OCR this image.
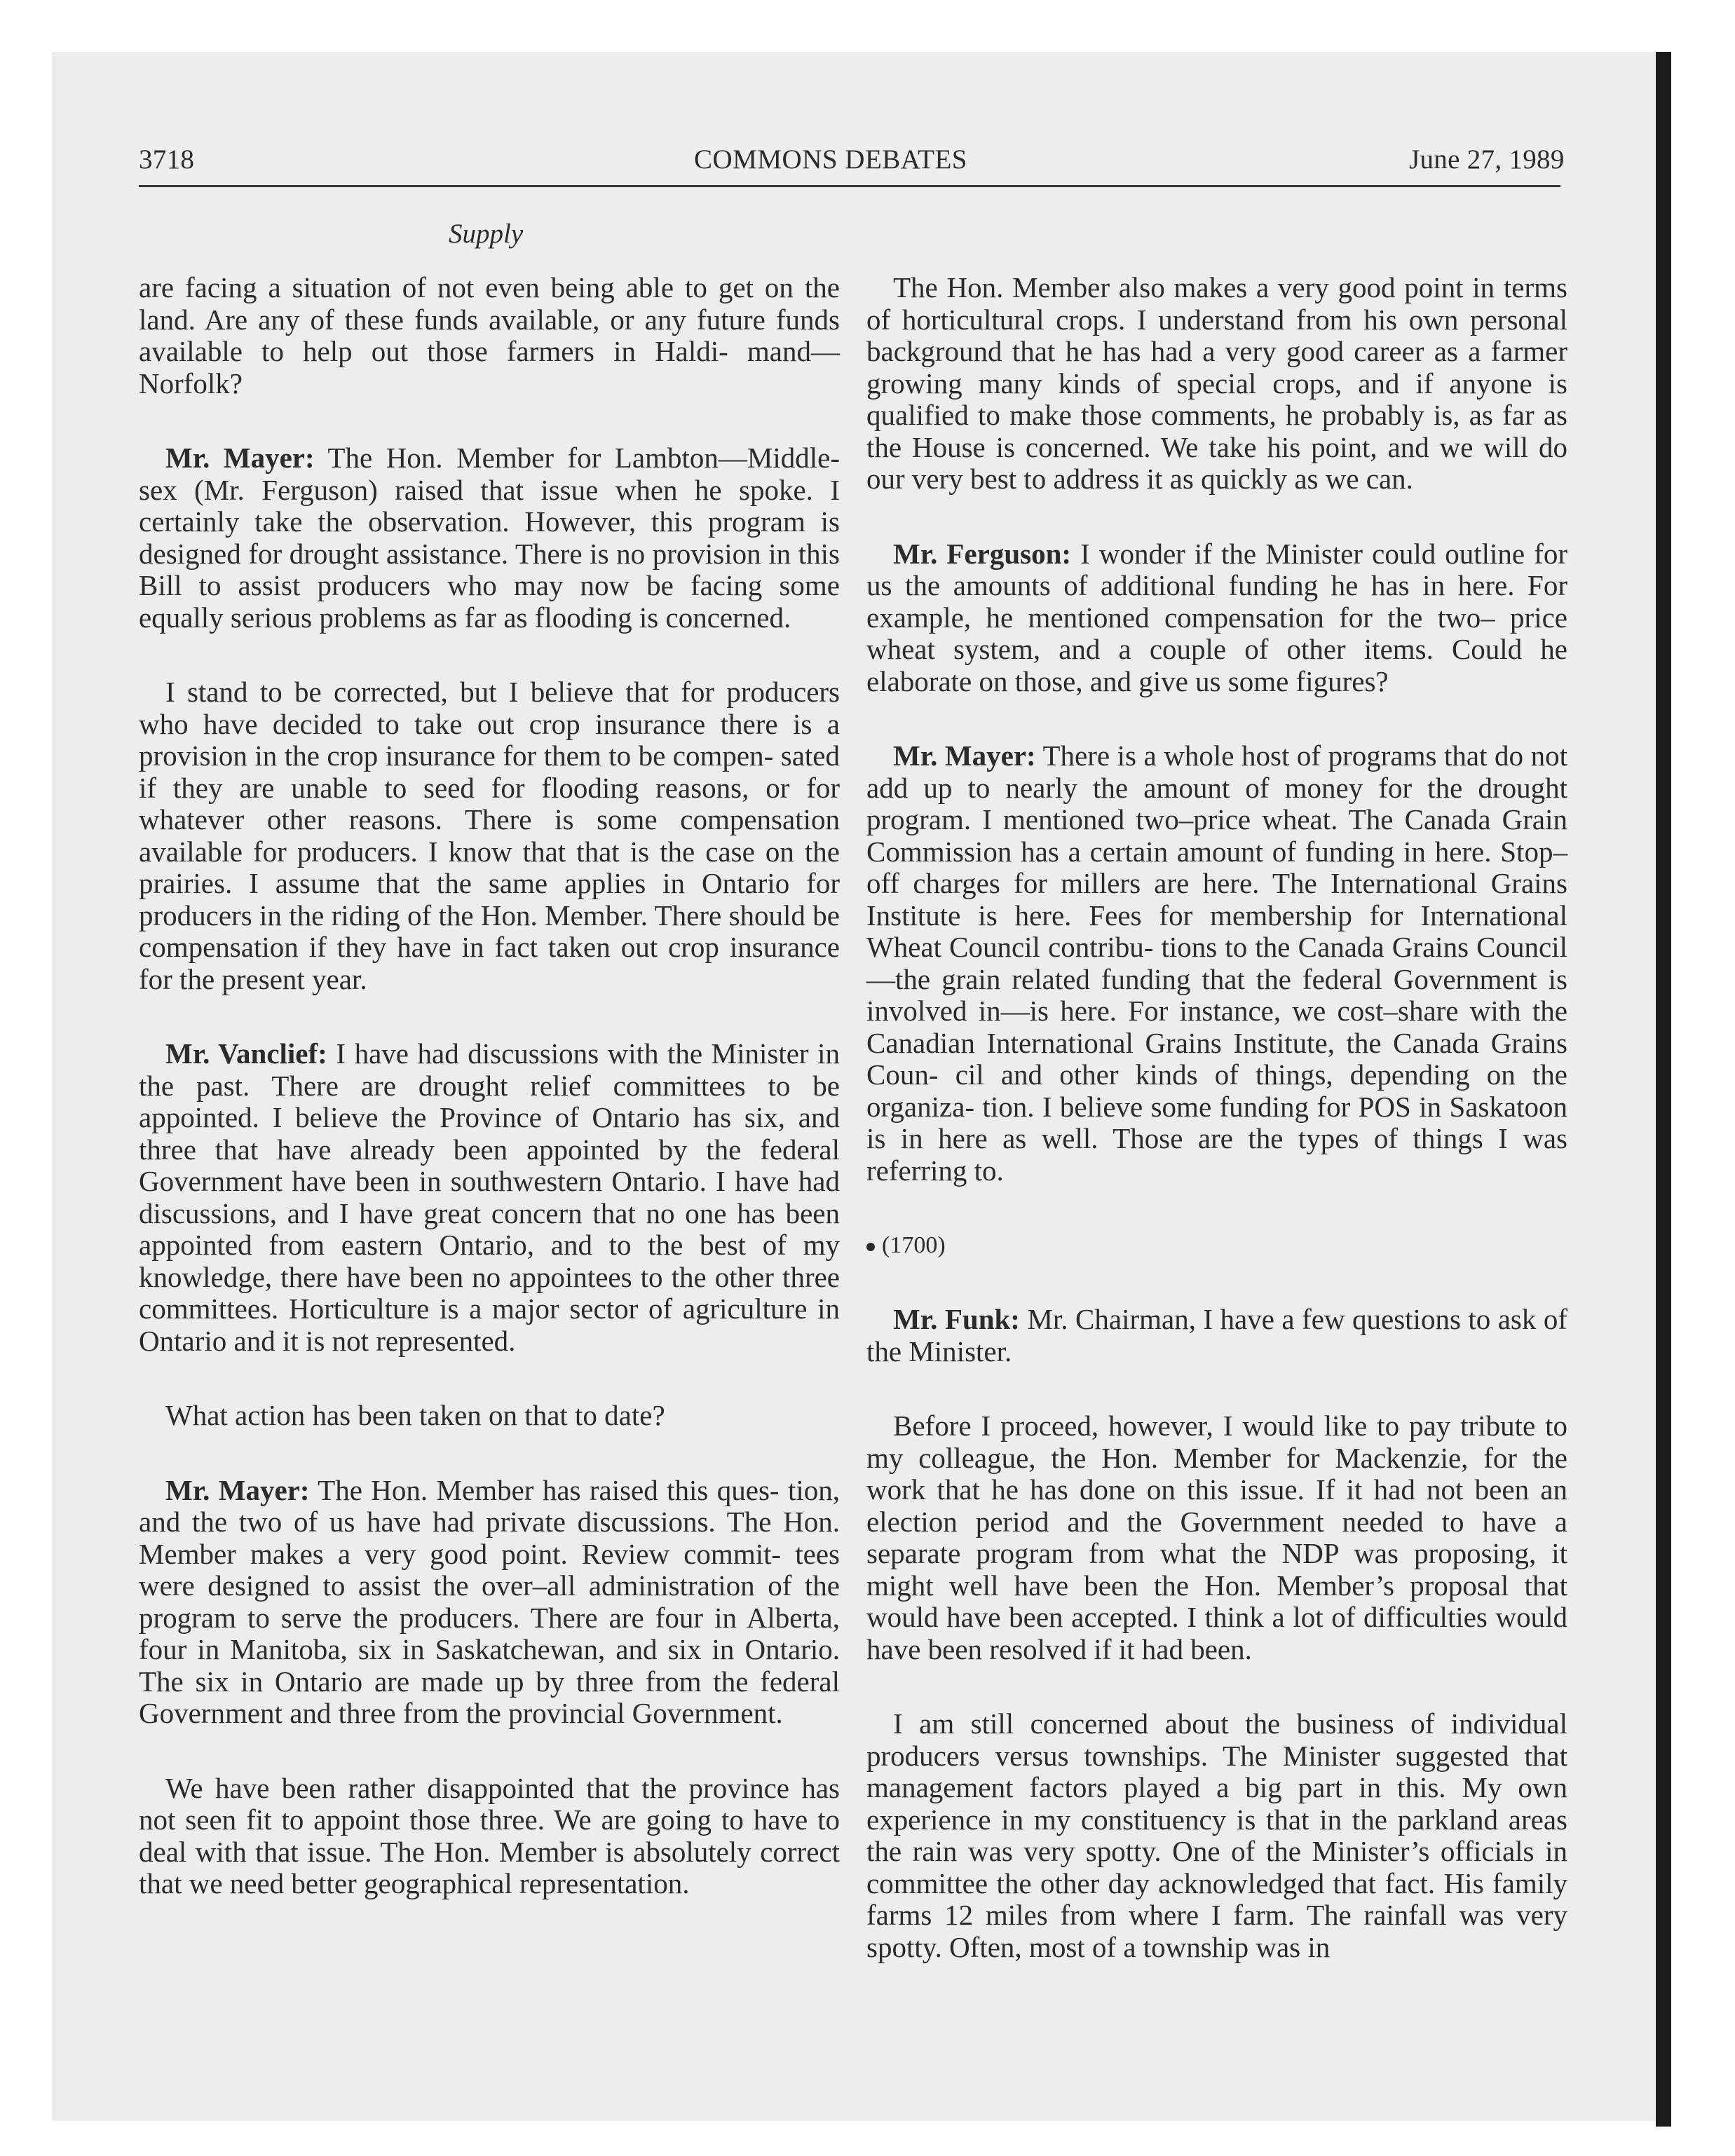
3718	COMMONS DEBATES	June 27, 1989
Supply

are facing a situation of not even being able to get on the land. Are any of these funds available, or any future funds available to help out those farmers in Haldi- mand—Norfolk?

Mr. Mayer: The Hon. Member for Lambton—Middle- sex (Mr. Ferguson) raised that issue when he spoke. I certainly take the observation. However, this program is designed for drought assistance. There is no provision in this Bill to assist producers who may now be facing some equally serious problems as far as flooding is concerned.

I stand to be corrected, but I believe that for producers who have decided to take out crop insurance there is a provision in the crop insurance for them to be compen- sated if they are unable to seed for flooding reasons, or for whatever other reasons. There is some compensation available for producers. I know that that is the case on the prairies. I assume that the same applies in Ontario for producers in the riding of the Hon. Member. There should be compensation if they have in fact taken out crop insurance for the present year.

Mr. Vanclief: I have had discussions with the Minister in the past. There are drought relief committees to be appointed. I believe the Province of Ontario has six, and three that have already been appointed by the federal Government have been in southwestern Ontario. I have had discussions, and I have great concern that no one has been appointed from eastern Ontario, and to the best of my knowledge, there have been no appointees to the other three committees. Horticulture is a major sector of agriculture in Ontario and it is not represented.

What action has been taken on that to date?

Mr. Mayer: The Hon. Member has raised this ques- tion, and the two of us have had private discussions. The Hon. Member makes a very good point. Review commit- tees were designed to assist the over–all administration of the program to serve the producers. There are four in Alberta, four in Manitoba, six in Saskatchewan, and six in Ontario. The six in Ontario are made up by three from the federal Government and three from the provincial Government.

We have been rather disappointed that the province has not seen fit to appoint those three. We are going to have to deal with that issue. The Hon. Member is absolutely correct that we need better geographical representation.

The Hon. Member also makes a very good point in terms of horticultural crops. I understand from his own personal background that he has had a very good career as a farmer growing many kinds of special crops, and if anyone is qualified to make those comments, he probably is, as far as the House is concerned. We take his point, and we will do our very best to address it as quickly as we can.

Mr. Ferguson: I wonder if the Minister could outline for us the amounts of additional funding he has in here. For example, he mentioned compensation for the two– price wheat system, and a couple of other items. Could he elaborate on those, and give us some figures?

Mr. Mayer: There is a whole host of programs that do not add up to nearly the amount of money for the drought program. I mentioned two–price wheat. The Canada Grain Commission has a certain amount of funding in here. Stop–off charges for millers are here. The International Grains Institute is here. Fees for membership for International Wheat Council contribu- tions to the Canada Grains Council—the grain related funding that the federal Government is involved in—is here. For instance, we cost–share with the Canadian International Grains Institute, the Canada Grains Coun- cil and other kinds of things, depending on the organiza- tion. I believe some funding for POS in Saskatoon is in here as well. Those are the types of things I was referring to.

(1700)

Mr. Funk: Mr. Chairman, I have a few questions to ask of the Minister.

Before I proceed, however, I would like to pay tribute to my colleague, the Hon. Member for Mackenzie, for the work that he has done on this issue. If it had not been an election period and the Government needed to have a separate program from what the NDP was proposing, it might well have been the Hon. Member’s proposal that would have been accepted. I think a lot of difficulties would have been resolved if it had been.

I am still concerned about the business of individual producers versus townships. The Minister suggested that management factors played a big part in this. My own experience in my constituency is that in the parkland areas the rain was very spotty. One of the Minister’s officials in committee the other day acknowledged that fact. His family farms 12 miles from where I farm. The rainfall was very spotty. Often, most of a township was in
